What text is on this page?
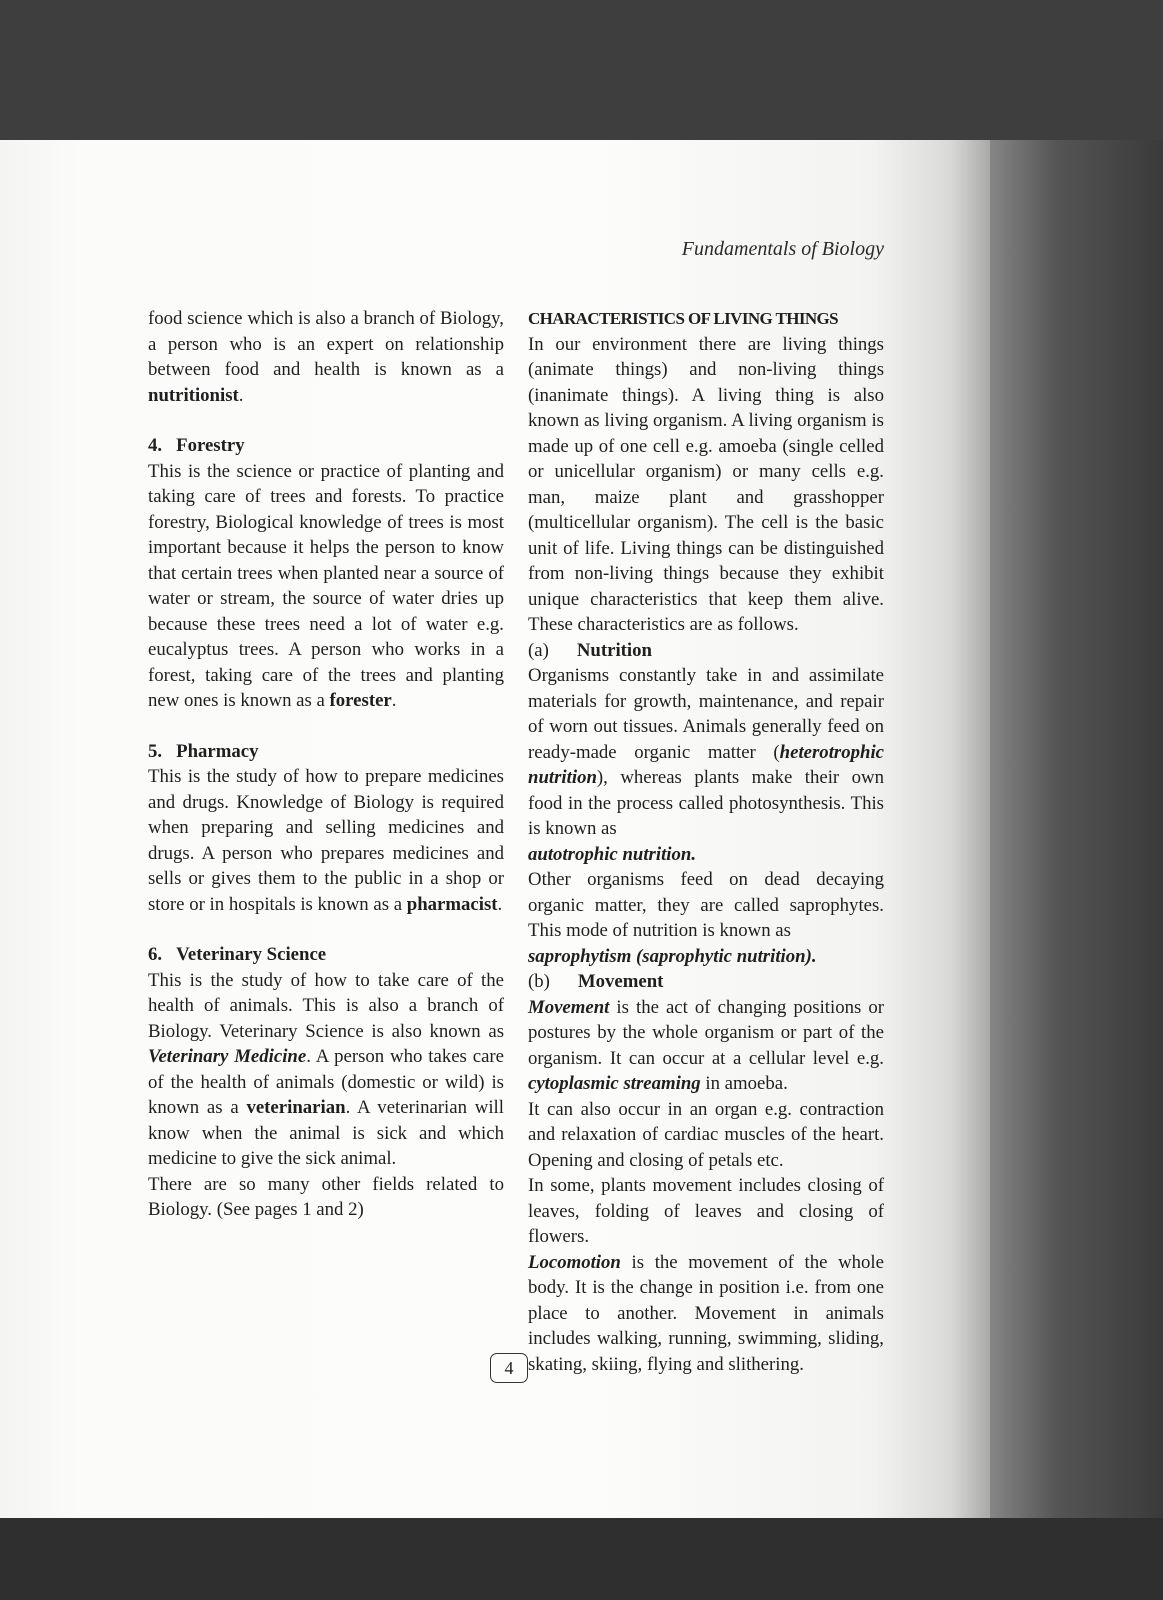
Fundamentals of Biology

food science which is also a branch of Biology, a person who is an expert on relationship between food and health is known as a nutritionist.

4. Forestry

This is the science or practice of planting and taking care of trees and forests. To practice forestry, Biological knowledge of trees is most important because it helps the person to know that certain trees when planted near a source of water or stream, the source of water dries up because these trees need a lot of water e.g. eucalyptus trees. A person who works in a forest, taking care of the trees and planting new ones is known as a forester.

5. Pharmacy

This is the study of how to prepare medicines and drugs. Knowledge of Biology is required when preparing and selling medicines and drugs. A person who prepares medicines and sells or gives them to the public in a shop or store or in hospitals is known as a pharmacist.

6. Veterinary Science

This is the study of how to take care of the health of animals. This is also a branch of Biology. Veterinary Science is also known as Veterinary Medicine. A person who takes care of the health of animals (domestic or wild) is known as a veterinarian. A veterinarian will know when the animal is sick and which medicine to give the sick animal.

There are so many other fields related to Biology. (See pages 1 and 2)

CHARACTERISTICS OF LIVING THINGS

In our environment there are living things (animate things) and non-living things (inanimate things). A living thing is also known as living organism. A living organism is made up of one cell e.g. amoeba (single celled or unicellular organism) or many cells e.g. man, maize plant and grasshopper (multicellular organism). The cell is the basic unit of life. Living things can be distinguished from non-living things because they exhibit unique characteristics that keep them alive. These characteristics are as follows.

(a) Nutrition

Organisms constantly take in and assimilate materials for growth, maintenance, and repair of worn out tissues. Animals generally feed on ready-made organic matter (heterotrophic nutrition), whereas plants make their own food in the process called photosynthesis. This is known as

autotrophic nutrition.

Other organisms feed on dead decaying organic matter, they are called saprophytes. This mode of nutrition is known as

saprophytism (saprophytic nutrition).

(b) Movement

Movement is the act of changing positions or postures by the whole organism or part of the organism. It can occur at a cellular level e.g. cytoplasmic streaming in amoeba.

It can also occur in an organ e.g. contraction and relaxation of cardiac muscles of the heart. Opening and closing of petals etc.

In some, plants movement includes closing of leaves, folding of leaves and closing of flowers.

Locomotion is the movement of the whole body. It is the change in position i.e. from one place to another. Movement in animals includes walking, running, swimming, sliding, skating, skiing, flying and slithering.

4
